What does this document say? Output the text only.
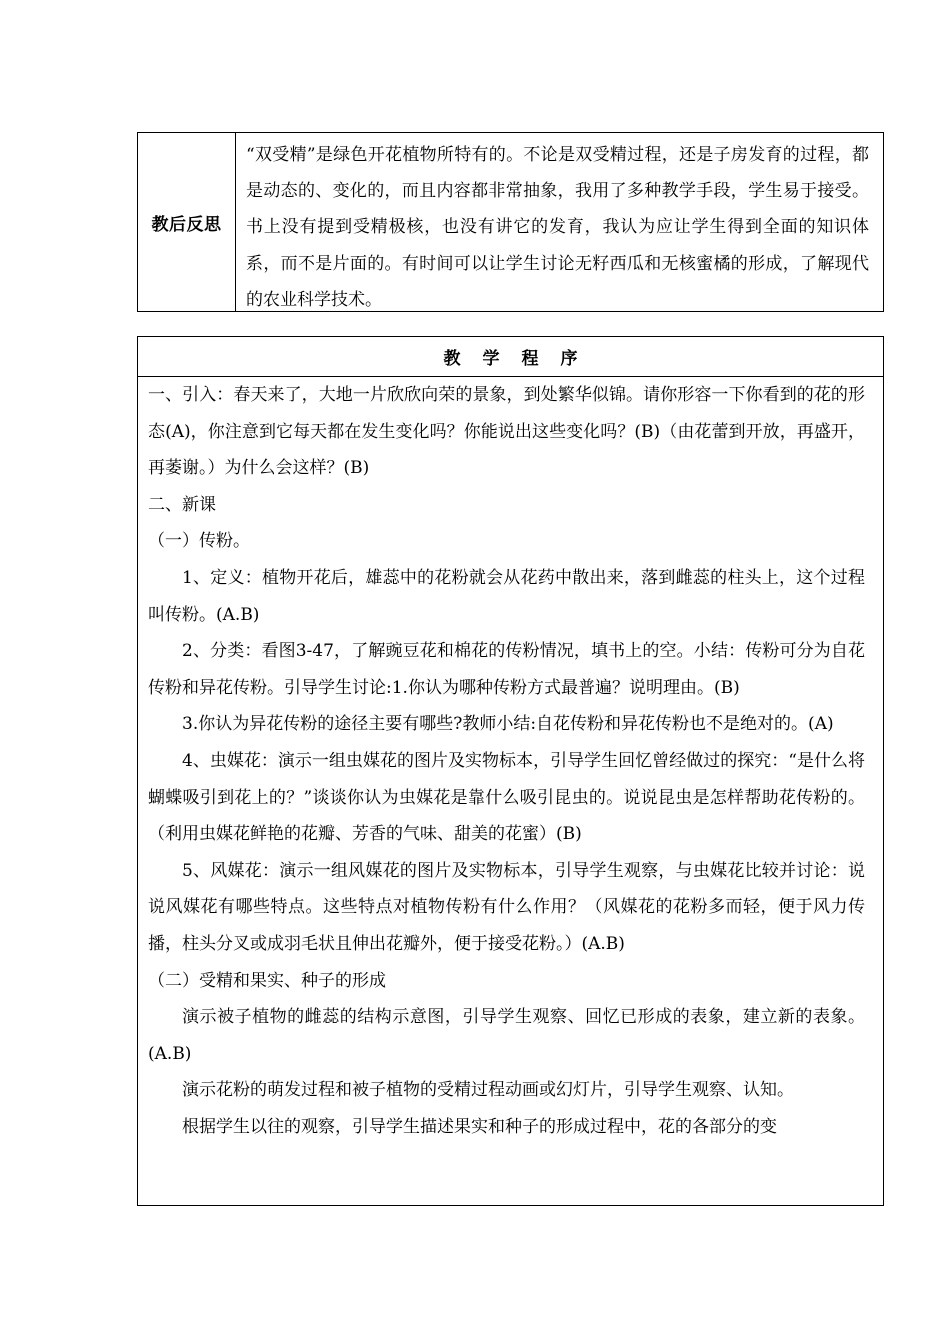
教后反思

“双受精”是绿色开花植物所特有的。不论是双受精过程，还是子房发育的过程，都是动态的、变化的，而且内容都非常抽象，我用了多种教学手段，学生易于接受。书上没有提到受精极核，也没有讲它的发育，我认为应让学生得到全面的知识体系，而不是片面的。有时间可以让学生讨论无籽西瓜和无核蜜橘的形成，了解现代的农业科学技术。

教学程序

一、引入：春天来了，大地一片欣欣向荣的景象，到处繁华似锦。请你形容一下你看到的花的形态(A)，你注意到它每天都在发生变化吗？你能说出这些变化吗？(B)（由花蕾到开放，再盛开，再萎谢。）为什么会这样？(B)

二、新课

（一）传粉。

1、定义：植物开花后，雄蕊中的花粉就会从花药中散出来，落到雌蕊的柱头上，这个过程叫传粉。(A.B)

2、分类：看图3-47，了解豌豆花和棉花的传粉情况，填书上的空。小结：传粉可分为自花传粉和异花传粉。引导学生讨论:1.你认为哪种传粉方式最普遍？说明理由。(B)

3.你认为异花传粉的途径主要有哪些?教师小结:自花传粉和异花传粉也不是绝对的。(A)

4、虫媒花：演示一组虫媒花的图片及实物标本，引导学生回忆曾经做过的探究：“是什么将蝴蝶吸引到花上的？”谈谈你认为虫媒花是靠什么吸引昆虫的。说说昆虫是怎样帮助花传粉的。（利用虫媒花鲜艳的花瓣、芳香的气味、甜美的花蜜）(B)

5、风媒花：演示一组风媒花的图片及实物标本，引导学生观察，与虫媒花比较并讨论：说说风媒花有哪些特点。这些特点对植物传粉有什么作用？（风媒花的花粉多而轻，便于风力传播，柱头分叉或成羽毛状且伸出花瓣外，便于接受花粉。）(A.B)

（二）受精和果实、种子的形成

演示被子植物的雌蕊的结构示意图，引导学生观察、回忆已形成的表象，建立新的表象。(A.B)

演示花粉的萌发过程和被子植物的受精过程动画或幻灯片，引导学生观察、认知。

根据学生以往的观察，引导学生描述果实和种子的形成过程中，花的各部分的变
